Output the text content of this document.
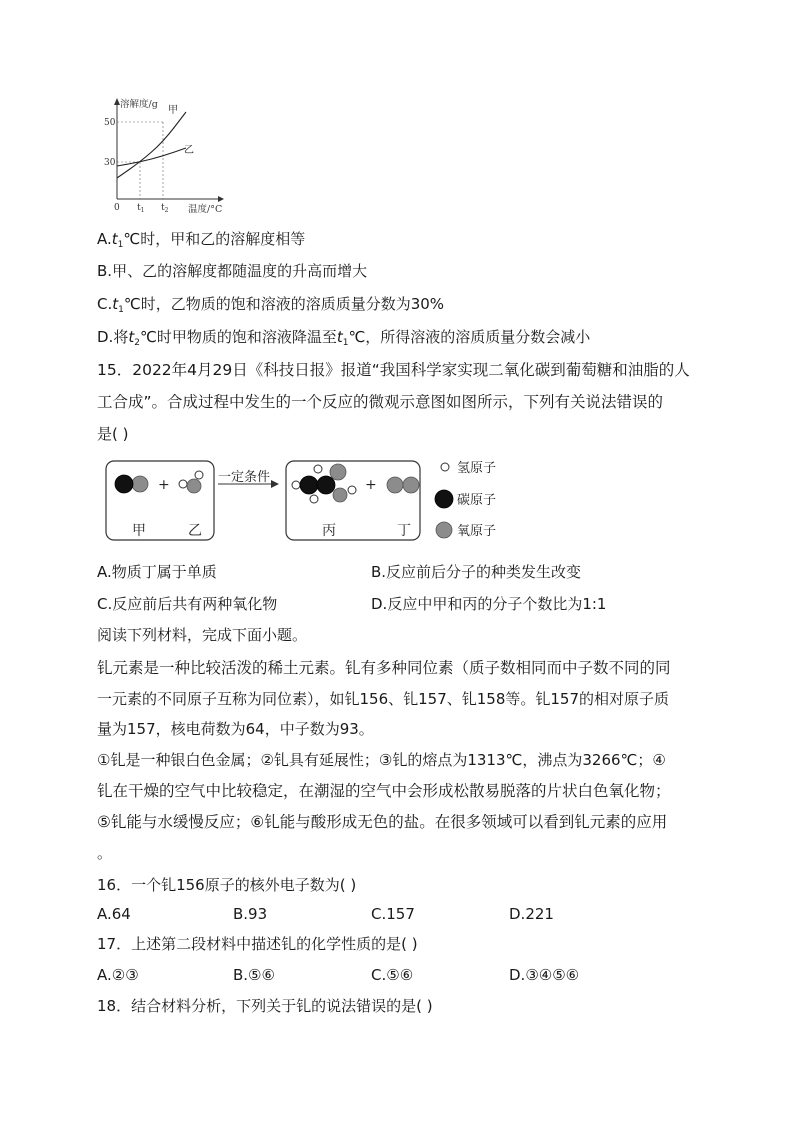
溶解度/g
温度/°C
50
30
0 $t_1$ $t_2$
甲
乙
$A.t_1℃$时，甲和乙的溶解度相等
B.甲、乙的溶解度都随温度的升高而增大
$C.t_1℃$时，乙物质的饱和溶液的溶质质量分数为30%
D.将$t_2℃$时甲物质的饱和溶液降温至$t_1℃$，所得溶液的溶质质量分数会减小
15．2022年4月29日《科技日报》报道“我国科学家实现二氧化碳到葡萄糖和油脂的人
工合成”。合成过程中发生的一个反应的微观示意图如图所示，下列有关说法错误的
是( )
+
甲	乙
一定条件	+
丙	丁
氢原子
碳原子
氧原子
A.物质丁属于单质	B.反应前后分子的种类发生改变
C.反应前后共有两种氧化物	D.反应中甲和丙的分子个数比为1:1
阅读下列材料，完成下面小题。
钆元素是一种比较活泼的稀土元素。钆有多种同位素（质子数相同而中子数不同的同
一元素的不同原子互称为同位素），如钆156、钆157、钆158等。钆157的相对原子质
量为157，核电荷数为64，中子数为93。
①钆是一种银白色金属；②钆具有延展性；③钆的熔点为1313℃，沸点为3266℃；④
钆在干燥的空气中比较稳定，在潮湿的空气中会形成松散易脱落的片状白色氧化物；
⑤钆能与水缓慢反应；⑥钆能与酸形成无色的盐。在很多领域可以看到钆元素的应用
。
16．一个钆156原子的核外电子数为( )
A.64	B.93	C.157	D.221
17．上述第二段材料中描述钆的化学性质的是( )
A.②③	B.⑤⑥	C.⑤⑥	D.③④⑤⑥
18．结合材料分析，下列关于钆的说法错误的是( )
